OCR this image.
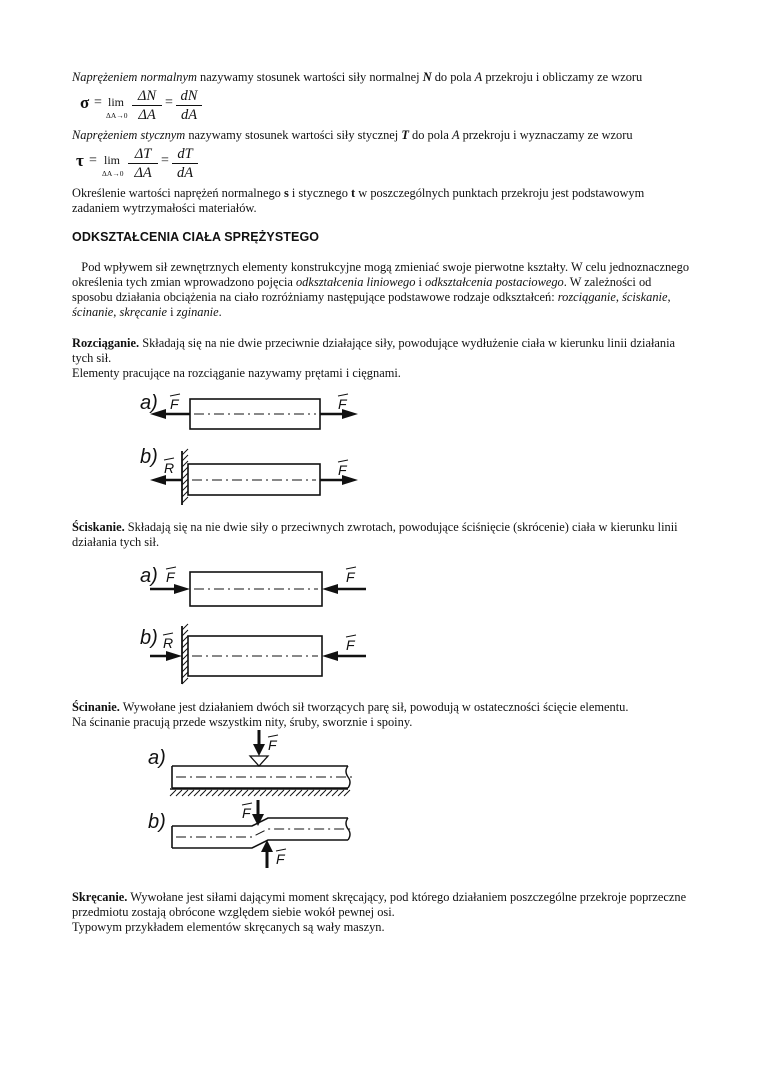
Naprężeniem normalnym nazywamy stosunek wartości siły normalnej N do pola A przekroju i obliczamy ze wzoru

σ = lim
ΔA→0
ΔN
ΔA
= dN
dA

Naprężeniem stycznym nazywamy stosunek wartości siły stycznej T do pola A przekroju i wyznaczamy ze wzoru

τ = lim
ΔA→0
ΔT
ΔA
= dT
dA

Określenie wartości naprężeń normalnego s i stycznego t w poszczególnych punktach przekroju jest podstawowym zadaniem wytrzymałości materiałów.

ODKSZTAŁCENIA CIAŁA SPRĘŻYSTEGO

Pod wpływem sił zewnętrznych elementy konstrukcyjne mogą zmieniać swoje pierwotne kształty. W celu jednoznacznego określenia tych zmian wprowadzono pojęcia odkształcenia liniowego i odkształcenia postaciowego. W zależności od sposobu działania obciążenia na ciało rozróżniamy następujące podstawowe rodzaje odkształceń: rozciąganie, ściskanie, ścinanie, skręcanie i zginanie.

Rozciąganie. Składają się na nie dwie przeciwnie działające siły, powodujące wydłużenie ciała w kierunku linii działania tych sił.

Elementy pracujące na rozciąganie nazywamy prętami i cięgnami.

a) F	F
b) R	F

Ściskanie. Składają się na nie dwie siły o przeciwnych zwrotach, powodujące ściśnięcie (skrócenie) ciała w kierunku linii działania tych sił.

a) F	F
b) R	F

Ścinanie. Wywołane jest działaniem dwóch sił tworzących parę sił, powodują w ostateczności ścięcie elementu.

Na ścinanie pracują przede wszystkim nity, śruby, sworznie i spoiny.

a)
F
b)	F
F

Skręcanie. Wywołane jest siłami dającymi moment skręcający, pod którego działaniem poszczególne przekroje poprzeczne przedmiotu zostają obrócone względem siebie wokół pewnej osi.

Typowym przykładem elementów skręcanych są wały maszyn.
